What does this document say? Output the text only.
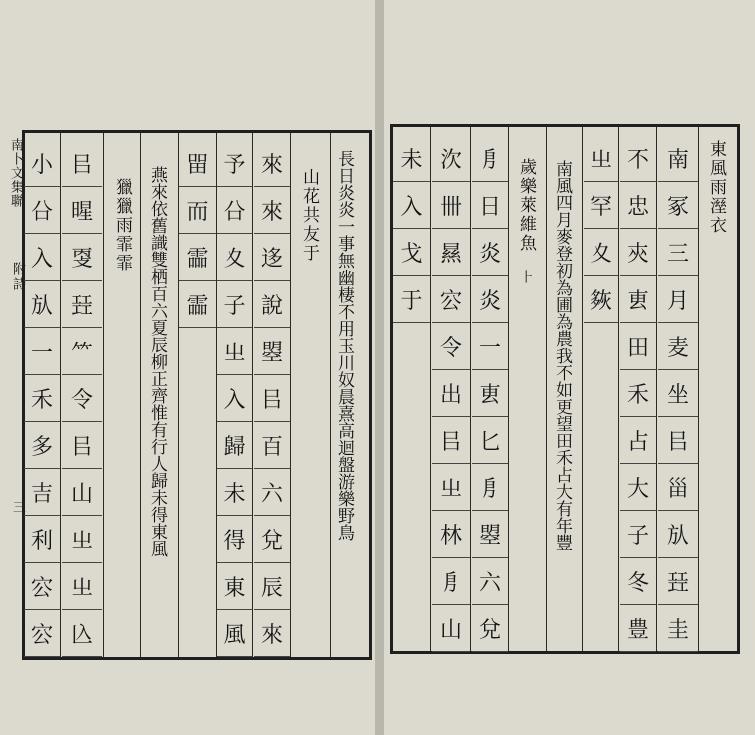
南卜文集聯
附詩
三	長日炎炎一事無幽棲不用玉川奴晨熹高迴盤游樂野鳥
山花共友于
來
來
迻
說
曌
㠯
百
六
兌
辰
來
予
㕣
夊
子
㞢
入
歸
未
得
東
風
㽞
而
霝
霝
燕來依舊識雙栖百六夏辰柳正齊惟有行人歸未得東風
獵獵雨霏霏
㠯
暒
㪅
㠭
⺮
令
㠯
山
㞢
㞢
兦
小
㕣
入
㫃
一
禾
多
吉
利
㝐
㝐
東風雨溼衣
南
冢
三
月
麦
坐
㠯
甾
㫃
㠭
圭
不
忠
㚒
叀
田
禾
占
大
子
冬
豊
㞢
罕
夊
㷇
南風四月麥登初為圃為農我不如更望田禾占大有年豐
歲樂萊維魚
⺊
㐆
日
炎
炎
一
叀
匕
㐆
曌
六
兌
㳄
卌
㬎
㝐
令
出
㠯
㞢
林
㐆
山
未
入
戈
于
